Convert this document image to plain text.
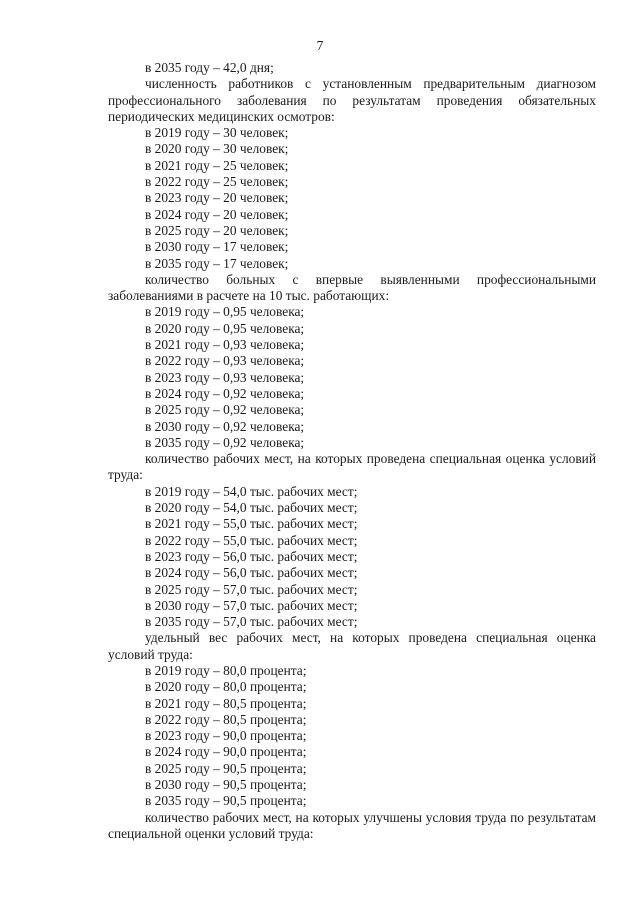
7

в 2035 году – 42,0 дня;

численность работников с установленным предварительным диагнозом профессионального заболевания по результатам проведения обязательных периодических медицинских осмотров:

в 2019 году – 30 человек;

в 2020 году – 30 человек;

в 2021 году – 25 человек;

в 2022 году – 25 человек;

в 2023 году – 20 человек;

в 2024 году – 20 человек;

в 2025 году – 20 человек;

в 2030 году – 17 человек;

в 2035 году – 17 человек;

количество больных с впервые выявленными профессиональными заболеваниями в расчете на 10 тыс. работающих:

в 2019 году – 0,95 человека;

в 2020 году – 0,95 человека;

в 2021 году – 0,93 человека;

в 2022 году – 0,93 человека;

в 2023 году – 0,93 человека;

в 2024 году – 0,92 человека;

в 2025 году – 0,92 человека;

в 2030 году – 0,92 человека;

в 2035 году – 0,92 человека;

количество рабочих мест, на которых проведена специальная оценка условий труда:

в 2019 году – 54,0 тыс. рабочих мест;

в 2020 году – 54,0 тыс. рабочих мест;

в 2021 году – 55,0 тыс. рабочих мест;

в 2022 году – 55,0 тыс. рабочих мест;

в 2023 году – 56,0 тыс. рабочих мест;

в 2024 году – 56,0 тыс. рабочих мест;

в 2025 году – 57,0 тыс. рабочих мест;

в 2030 году – 57,0 тыс. рабочих мест;

в 2035 году – 57,0 тыс. рабочих мест;

удельный вес рабочих мест, на которых проведена специальная оценка условий труда:

в 2019 году – 80,0 процента;

в 2020 году – 80,0 процента;

в 2021 году – 80,5 процента;

в 2022 году – 80,5 процента;

в 2023 году – 90,0 процента;

в 2024 году – 90,0 процента;

в 2025 году – 90,5 процента;

в 2030 году – 90,5 процента;

в 2035 году – 90,5 процента;

количество рабочих мест, на которых улучшены условия труда по результатам специальной оценки условий труда:
